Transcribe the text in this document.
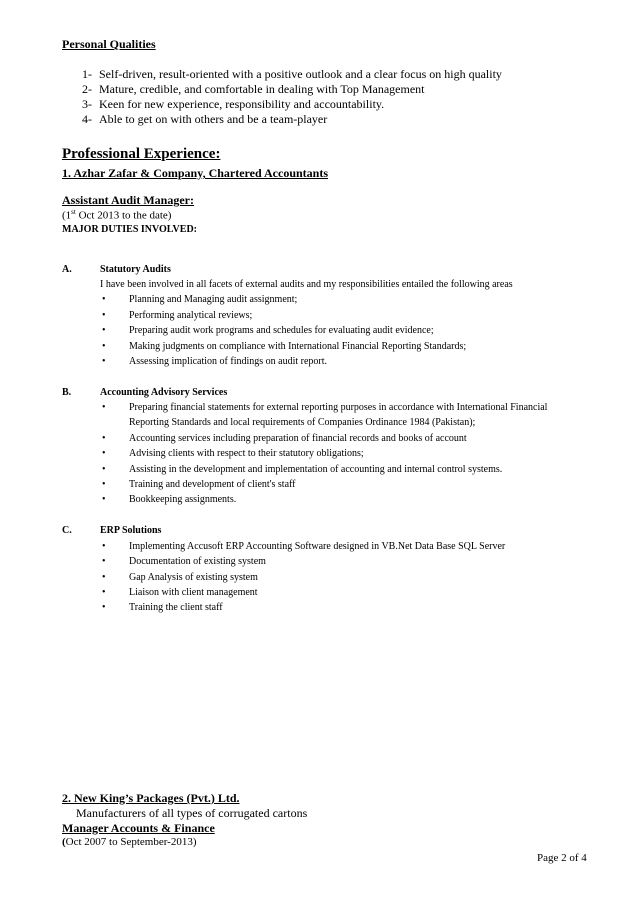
Personal Qualities
1- Self-driven, result-oriented with a positive outlook and a clear focus on high quality
2- Mature, credible, and comfortable in dealing with Top Management
3- Keen for new experience, responsibility and accountability.
4- Able to get on with others and be a team-player
Professional Experience:
1. Azhar Zafar & Company, Chartered Accountants
Assistant Audit Manager:
(1st Oct 2013 to the date)
MAJOR DUTIES INVOLVED:
A.	Statutory Audits
I have been involved in all facets of external audits and my responsibilities entailed the following areas
• Planning and Managing audit assignment;
• Performing analytical reviews;
• Preparing audit work programs and schedules for evaluating audit evidence;
• Making judgments on compliance with International Financial Reporting Standards;
• Assessing implication of findings on audit report.
B.	Accounting Advisory Services
• Preparing financial statements for external reporting purposes in accordance with International Financial
Reporting Standards and local requirements of Companies Ordinance 1984 (Pakistan);
• Accounting services including preparation of financial records and books of account
• Advising clients with respect to their statutory obligations;
• Assisting in the development and implementation of accounting and internal control systems.
• Training and development of client's staff
• Bookkeeping assignments.
C.	ERP Solutions
• Implementing Accusoft ERP Accounting Software designed in VB.Net Data Base SQL Server
• Documentation of existing system
• Gap Analysis of existing system
• Liaison with client management
• Training the client staff
2. New King’s Packages (Pvt.) Ltd.
Manufacturers of all types of corrugated cartons
Manager Accounts & Finance
(Oct 2007 to September-2013)
Page 2 of 4
